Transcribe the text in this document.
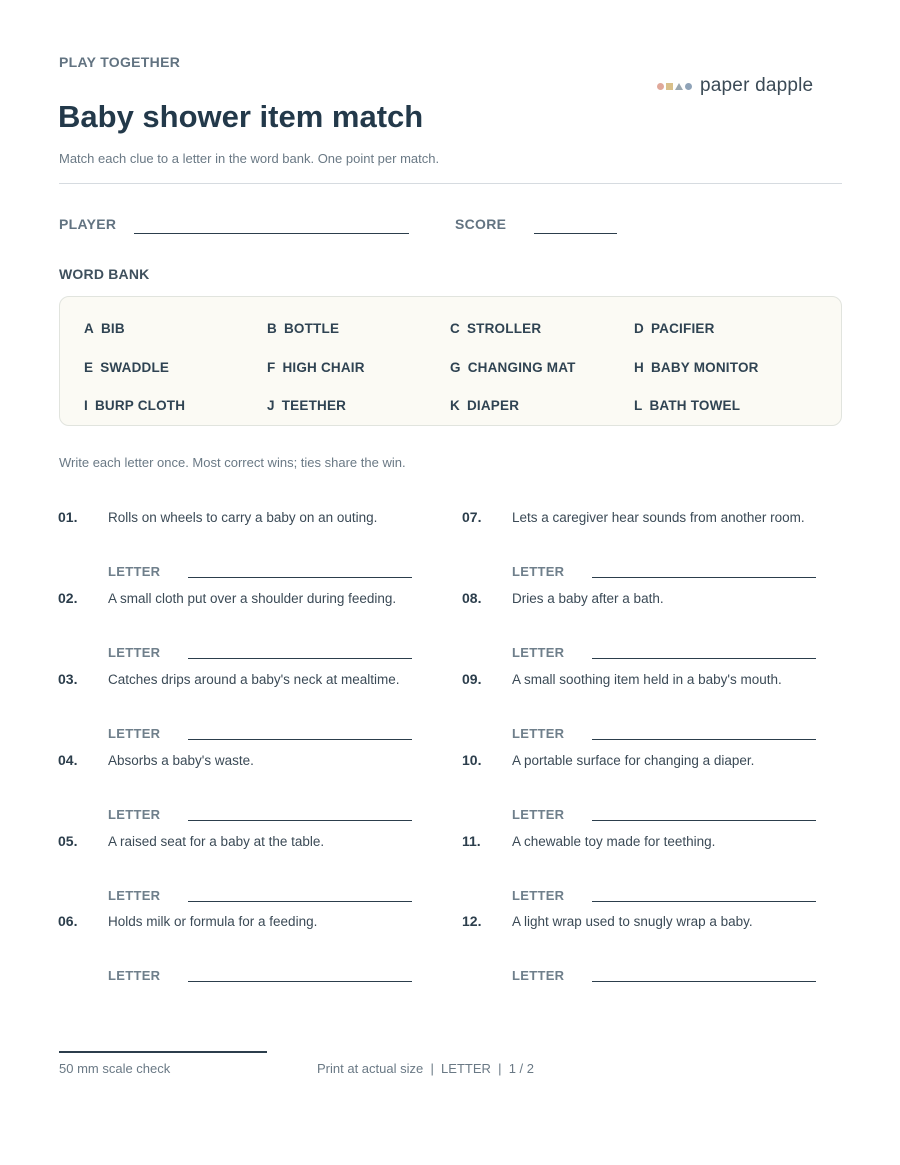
PLAY TOGETHER
paper dapple
Baby shower item match
Match each clue to a letter in the word bank. One point per match.
PLAYER	SCORE
WORD BANK
A BIB	B BOTTLE	C STROLLER	D PACIFIER
E SWADDLE	F HIGH CHAIR	G CHANGING MAT	H BABY MONITOR
I BURP CLOTH	J TEETHER	K DIAPER	L BATH TOWEL
Write each letter once. Most correct wins; ties share the win.
01. Rolls on wheels to carry a baby on an outing.
LETTER
02. A small cloth put over a shoulder during feeding.
LETTER
03. Catches drips around a baby's neck at mealtime.
LETTER
04. Absorbs a baby's waste.
LETTER
05. A raised seat for a baby at the table.
LETTER
06. Holds milk or formula for a feeding.
LETTER
07. Lets a caregiver hear sounds from another room.
LETTER
08. Dries a baby after a bath.
LETTER
09. A small soothing item held in a baby's mouth.
LETTER
10. A portable surface for changing a diaper.
LETTER
11. A chewable toy made for teething.
LETTER
12. A light wrap used to snugly wrap a baby.
LETTER
50 mm scale check	Print at actual size  |  LETTER  |  1 / 2
